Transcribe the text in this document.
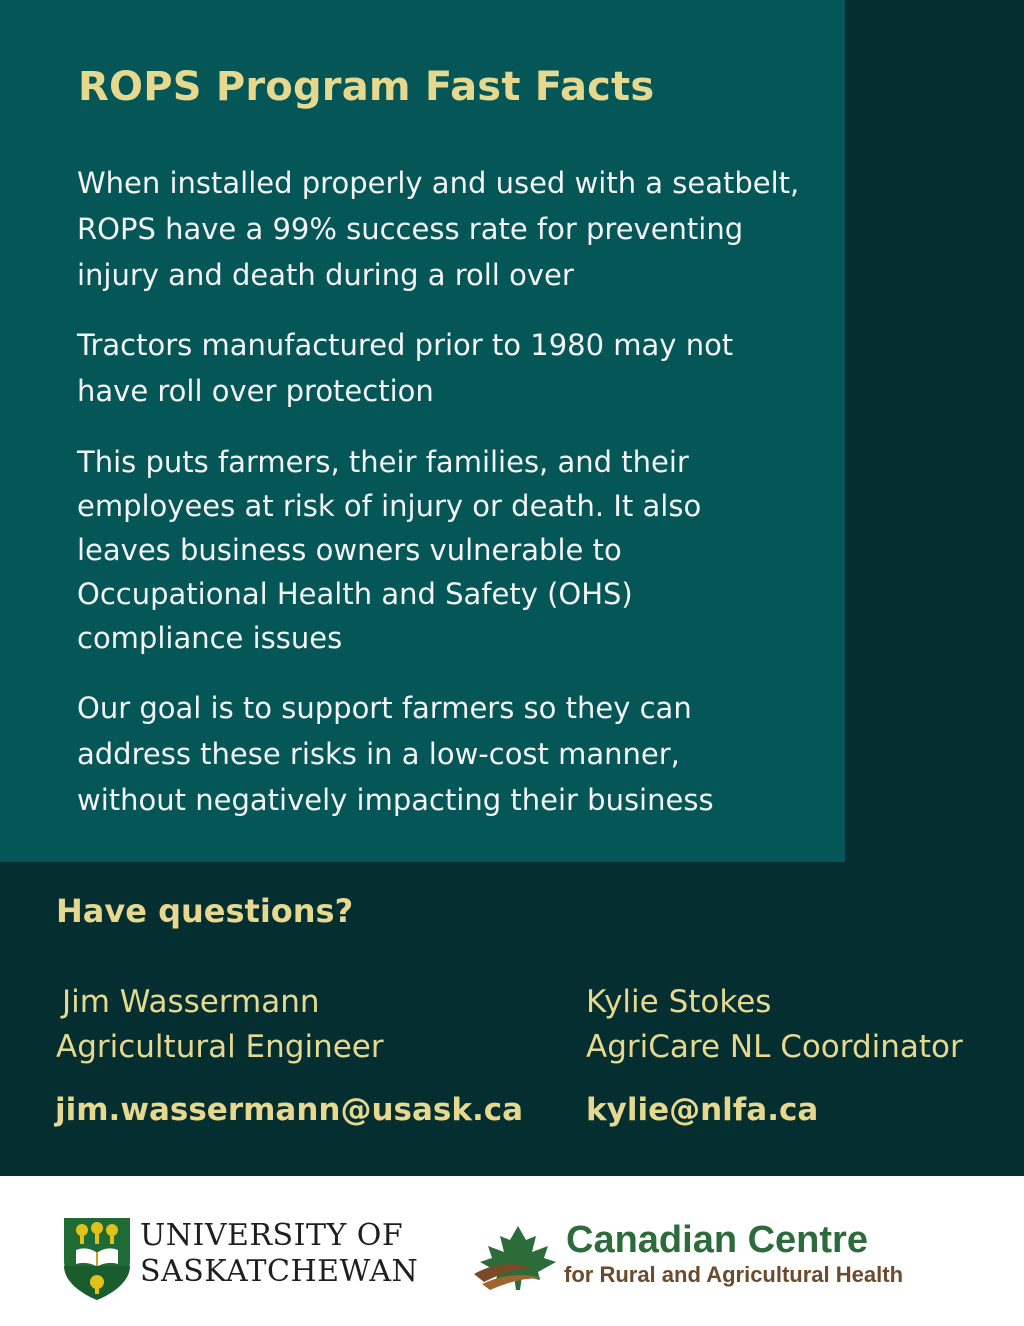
ROPS Program Fast Facts

When installed properly and used with a seatbelt, ROPS have a 99% success rate for preventing injury and death during a roll over

Tractors manufactured prior to 1980 may not have roll over protection

This puts farmers, their families, and their employees at risk of injury or death. It also leaves business owners vulnerable to Occupational Health and Safety (OHS) compliance issues

Our goal is to support farmers so they can address these risks in a low-cost manner, without negatively impacting their business

Have questions?

Jim Wassermann

Agricultural Engineer

jim.wassermann@usask.ca

Kylie Stokes

AgriCare NL Coordinator

kylie@nlfa.ca

UNIVERSITY OF
SASKATCHEWAN
Canadian Centre
for Rural and Agricultural Health
